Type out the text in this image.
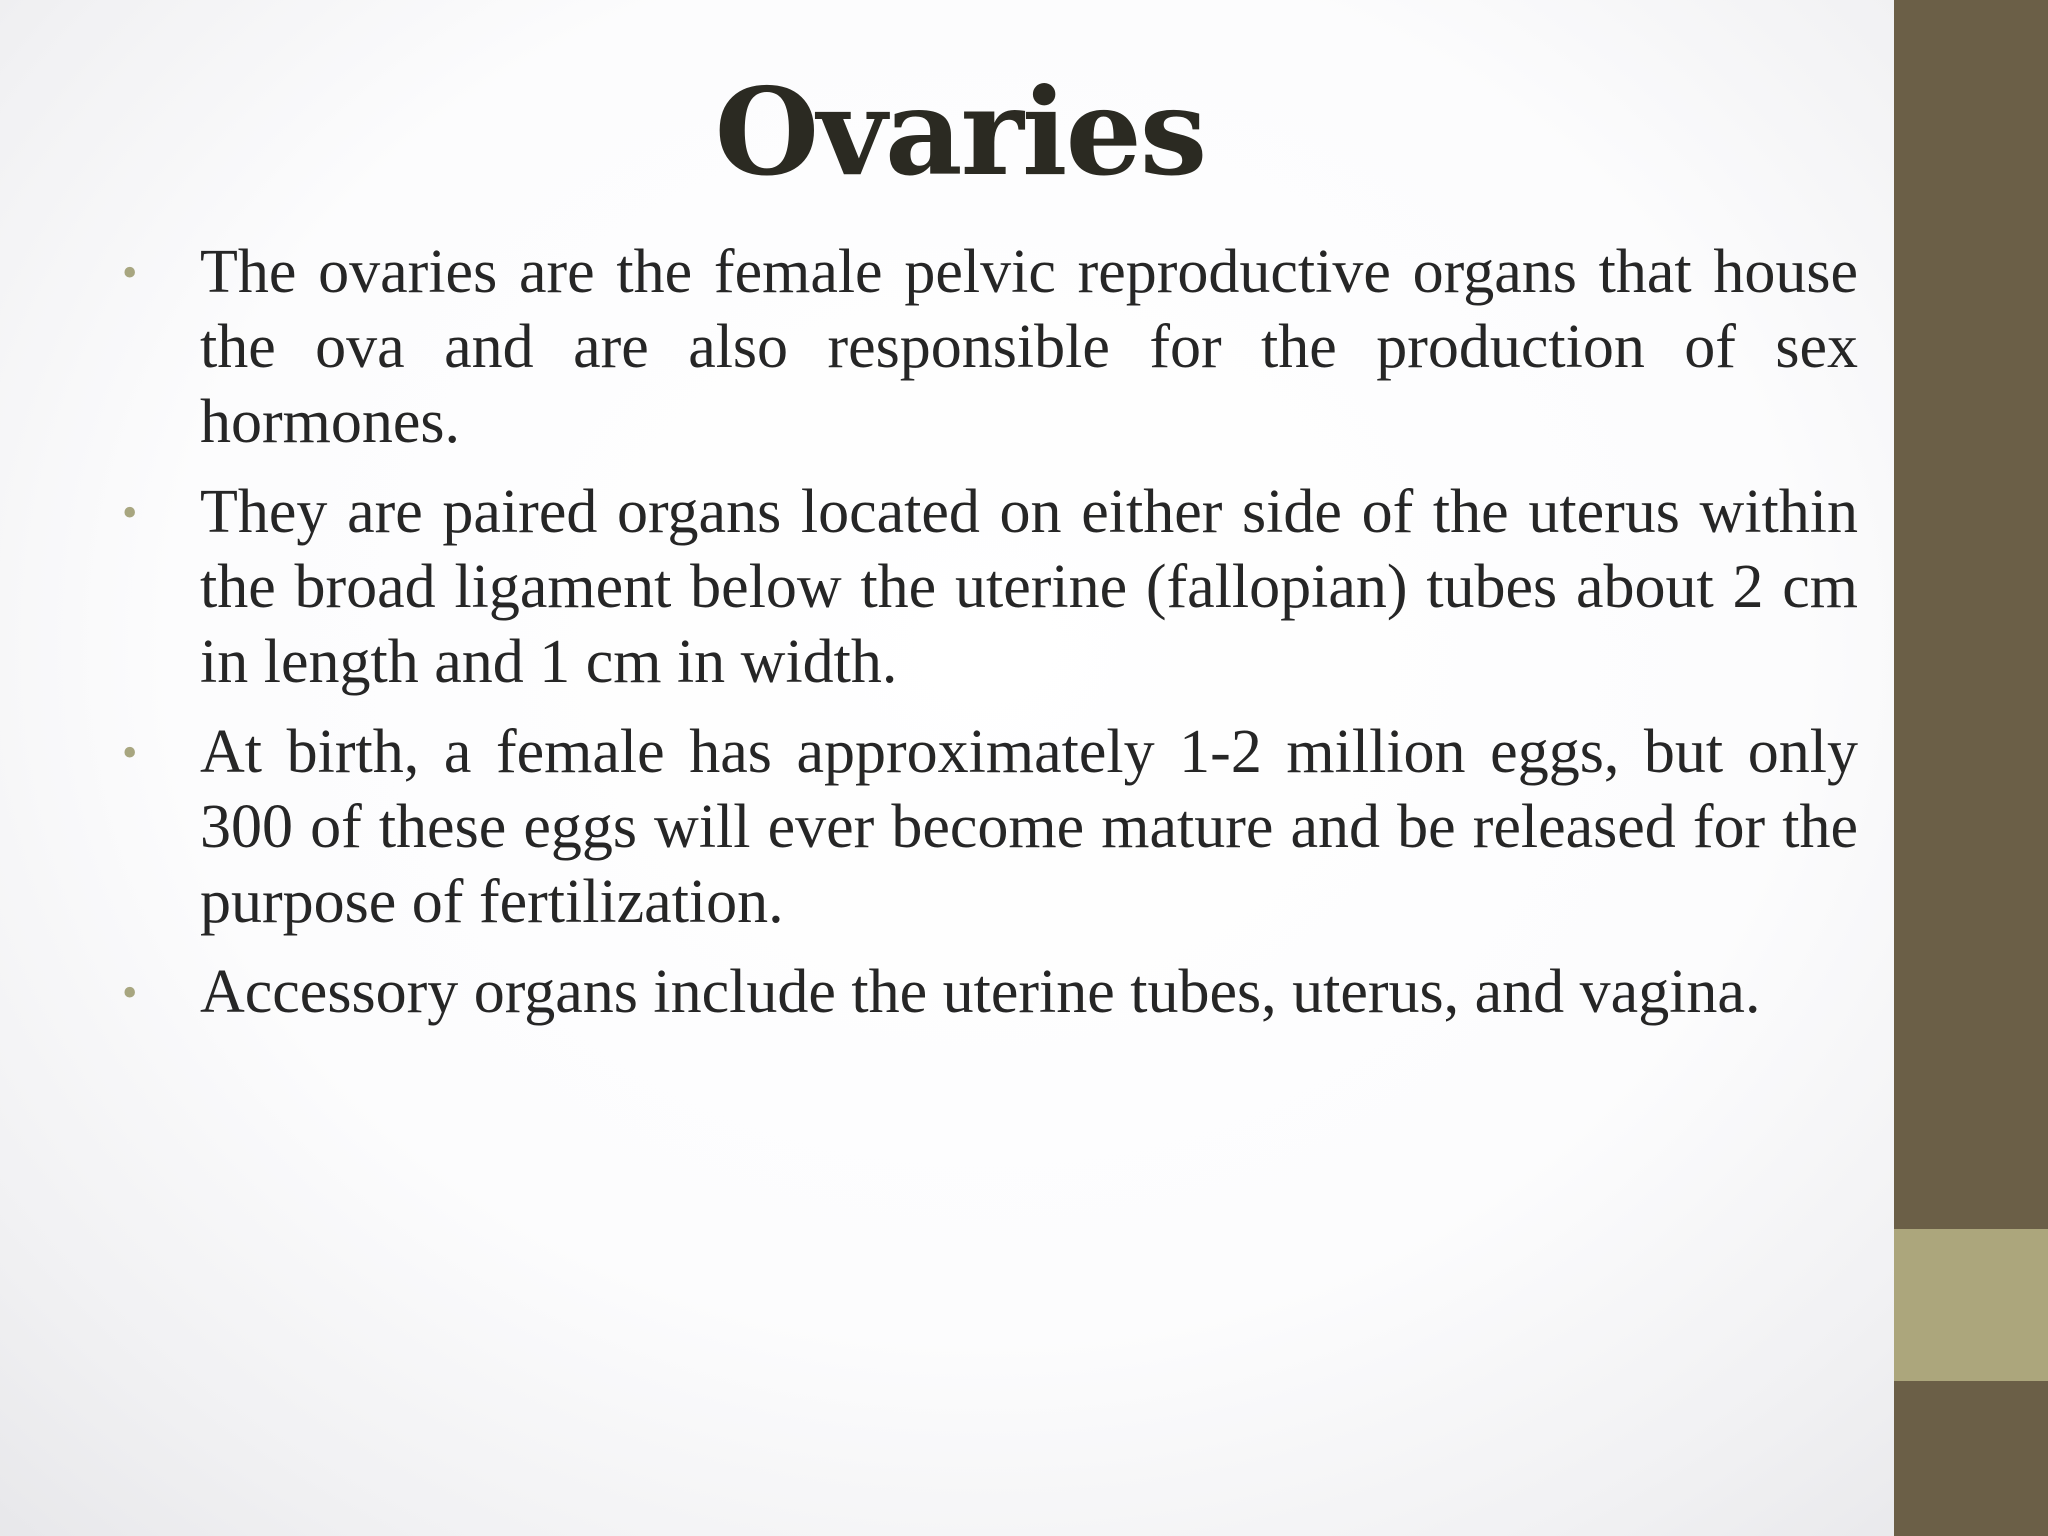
Ovaries
• The ovaries are the female pelvic reproductive organs that house the ova and are also responsible for the production of sex hormones.
• They are paired organs located on either side of the uterus within the broad ligament below the uterine (fallopian) tubes about 2 cm in length and 1 cm in width.
• At birth, a female has approximately 1-2 million eggs, but only 300 of these eggs will ever become mature and be released for the purpose of fertilization.
• Accessory organs include the uterine tubes, uterus, and vagina.
